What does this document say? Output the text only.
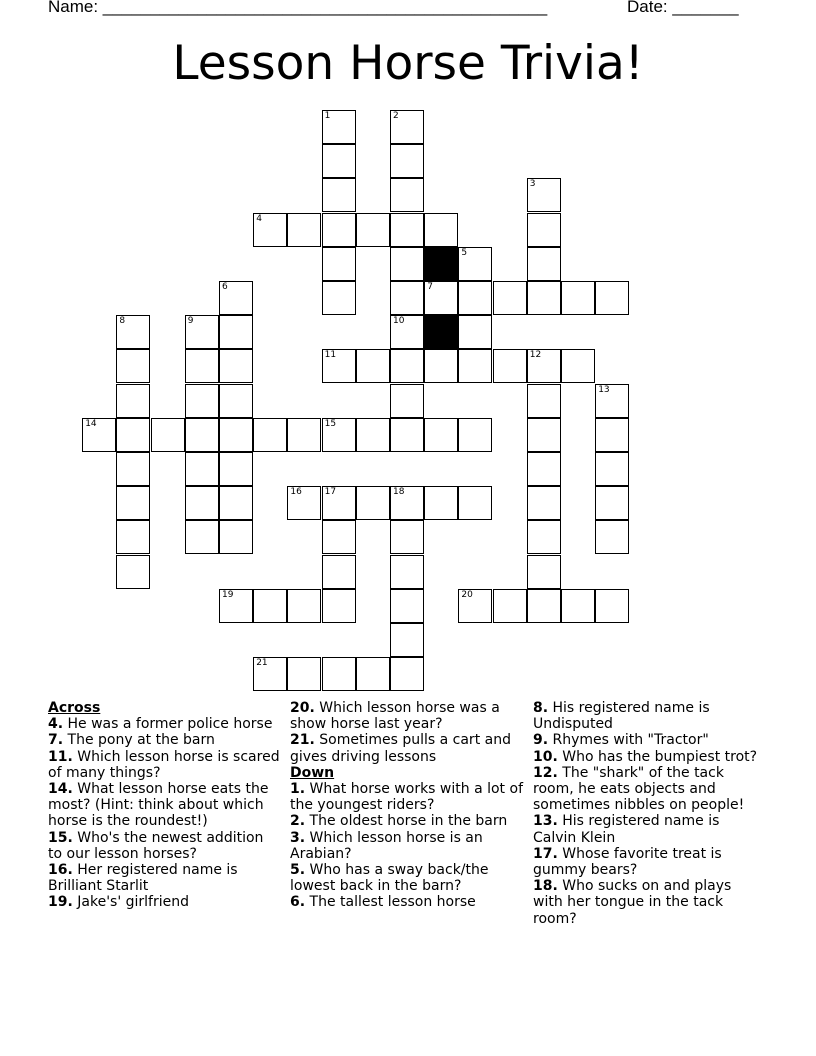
Name: _______________________________________________	Date: _______
Lesson Horse Trivia!
1	2
10
3
4
5
6	7
8	9
11	12
13
14	15
16	17	18
19	20
21
Across

4. He was a former police horse

7. The pony at the barn

11. Which lesson horse is scared of many things?

14. What lesson horse eats the most? (Hint: think about which horse is the roundest!)

15. Who's the newest addition to our lesson horses?

16. Her registered name is Brilliant Starlit

19. Jake's' girlfriend

20. Which lesson horse was a show horse last year?

21. Sometimes pulls a cart and gives driving lessons

Down

1. What horse works with a lot of the youngest riders?

2. The oldest horse in the barn

3. Which lesson horse is an Arabian?

5. Who has a sway back/the lowest back in the barn?

6. The tallest lesson horse

8. His registered name is Undisputed

9. Rhymes with "Tractor"

10. Who has the bumpiest trot?

12. The "shark" of the tack room, he eats objects and sometimes nibbles on people!

13. His registered name is Calvin Klein

17. Whose favorite treat is gummy bears?

18. Who sucks on and plays with her tongue in the tack room?
